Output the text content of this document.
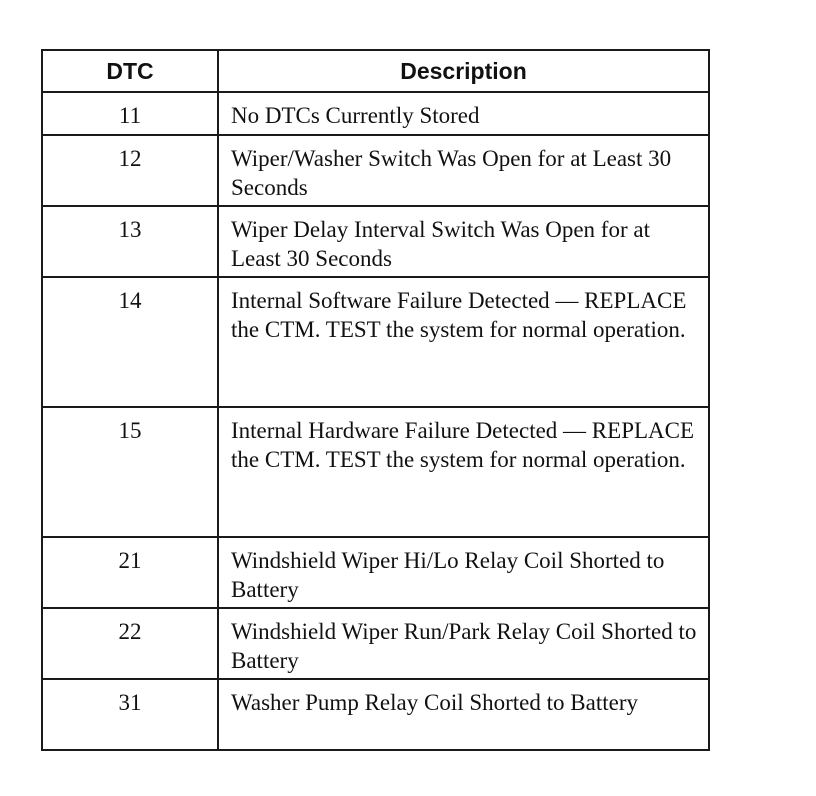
DTC	Description
11	No DTCs Currently Stored
12	Wiper/Washer Switch Was Open for at Least 30 Seconds
13	Wiper Delay Interval Switch Was Open for at Least 30 Seconds
14	Internal Software Failure Detected — REPLACE the CTM. TEST the system for normal operation.
15	Internal Hardware Failure Detected — REPLACE the CTM. TEST the system for normal operation.
21	Windshield Wiper Hi/Lo Relay Coil Shorted to Battery
22	Windshield Wiper Run/Park Relay Coil Shorted to Battery
31	Washer Pump Relay Coil Shorted to Battery
